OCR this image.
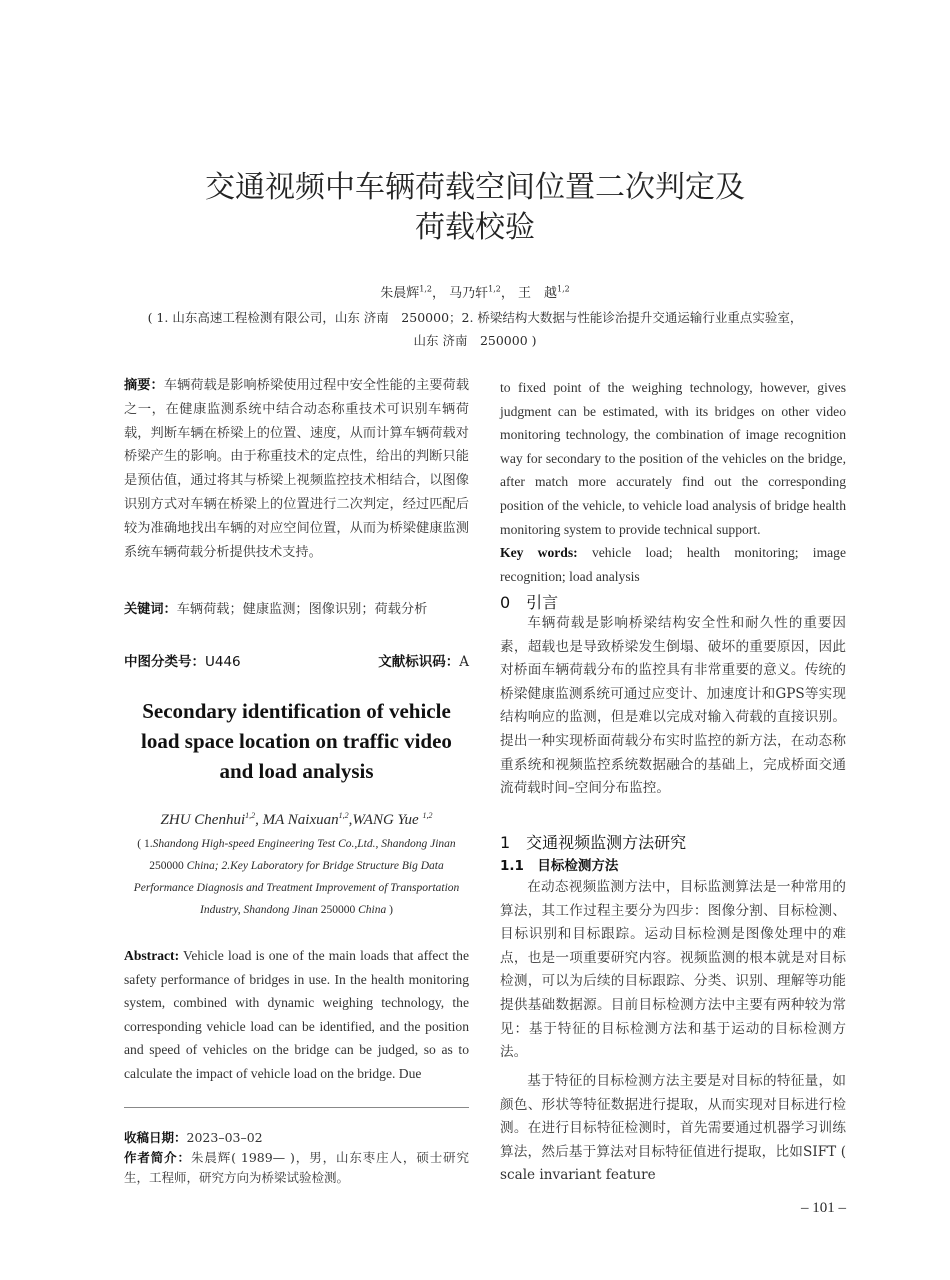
交通视频中车辆荷载空间位置二次判定及
荷载校验
朱晨辉$^{1,2}$， 马乃轩$^{1,2}$， 王　越$^{1,2}$
( 1. 山东高速工程检测有限公司，山东 济南　250000；2. 桥梁结构大数据与性能诊治提升交通运输行业重点实验室，
山东 济南　250000 )
摘要：车辆荷载是影响桥梁使用过程中安全性能的主要荷载之一，在健康监测系统中结合动态称重技术可识别车辆荷载，判断车辆在桥梁上的位置、速度，从而计算车辆荷载对桥梁产生的影响。由于称重技术的定点性，给出的判断只能是预估值，通过将其与桥梁上视频监控技术相结合，以图像识别方式对车辆在桥梁上的位置进行二次判定，经过匹配后较为准确地找出车辆的对应空间位置，从而为桥梁健康监测系统车辆荷载分析提供技术支持。
关键词：车辆荷载；健康监测；图像识别；荷载分析
中图分类号：U446	文献标识码：A
Secondary identification of vehicle
load space location on traffic video
and load analysis
ZHU Chenhui$^{1,2}$, MA Naixuan$^{1,2}$,WANG Yue $^{1,2}$
( 1.Shandong High-speed Engineering Test Co.,Ltd., Shandong Jinan
250000 China; 2.Key Laboratory for Bridge Structure Big Data
Performance Diagnosis and Treatment Improvement of Transportation
Industry, Shandong Jinan 250000 China )
Abstract: Vehicle load is one of the main loads that affect the safety performance of bridges in use. In the health monitoring system, combined with dynamic weighing technology, the corresponding vehicle load can be identified, and the position and speed of vehicles on the bridge can be judged, so as to calculate the impact of vehicle load on the bridge. Due
收稿日期：2023–03–02
作者简介：朱晨辉( 1989— )，男，山东枣庄人，硕士研究生，工程师，研究方向为桥梁试验检测。
to fixed point of the weighing technology, however, gives judgment can be estimated, with its bridges on other video monitoring technology, the combination of image recognition way for secondary to the position of the vehicles on the bridge, after match more accurately find out the corresponding position of the vehicle, to vehicle load analysis of bridge health monitoring system to provide technical support.
Key words: vehicle load; health monitoring; image recognition; load analysis
0　引言
车辆荷载是影响桥梁结构安全性和耐久性的重要因素，超载也是导致桥梁发生倒塌、破坏的重要原因，因此对桥面车辆荷载分布的监控具有非常重要的意义。传统的桥梁健康监测系统可通过应变计、加速度计和GPS等实现结构响应的监测，但是难以完成对输入荷载的直接识别。提出一种实现桥面荷载分布实时监控的新方法，在动态称重系统和视频监控系统数据融合的基础上，完成桥面交通流荷载时间–空间分布监控。
1　交通视频监测方法研究
1.1　目标检测方法
在动态视频监测方法中，目标监测算法是一种常用的算法，其工作过程主要分为四步：图像分割、目标检测、目标识别和目标跟踪。运动目标检测是图像处理中的难点，也是一项重要研究内容。视频监测的根本就是对目标检测，可以为后续的目标跟踪、分类、识别、理解等功能提供基础数据源。目前目标检测方法中主要有两种较为常见：基于特征的目标检测方法和基于运动的目标检测方法。
基于特征的目标检测方法主要是对目标的特征量，如颜色、形状等特征数据进行提取，从而实现对目标进行检测。在进行目标特征检测时，首先需要通过机器学习训练算法，然后基于算法对目标特征值进行提取，比如SIFT ( scale invariant feature
– 101 –
